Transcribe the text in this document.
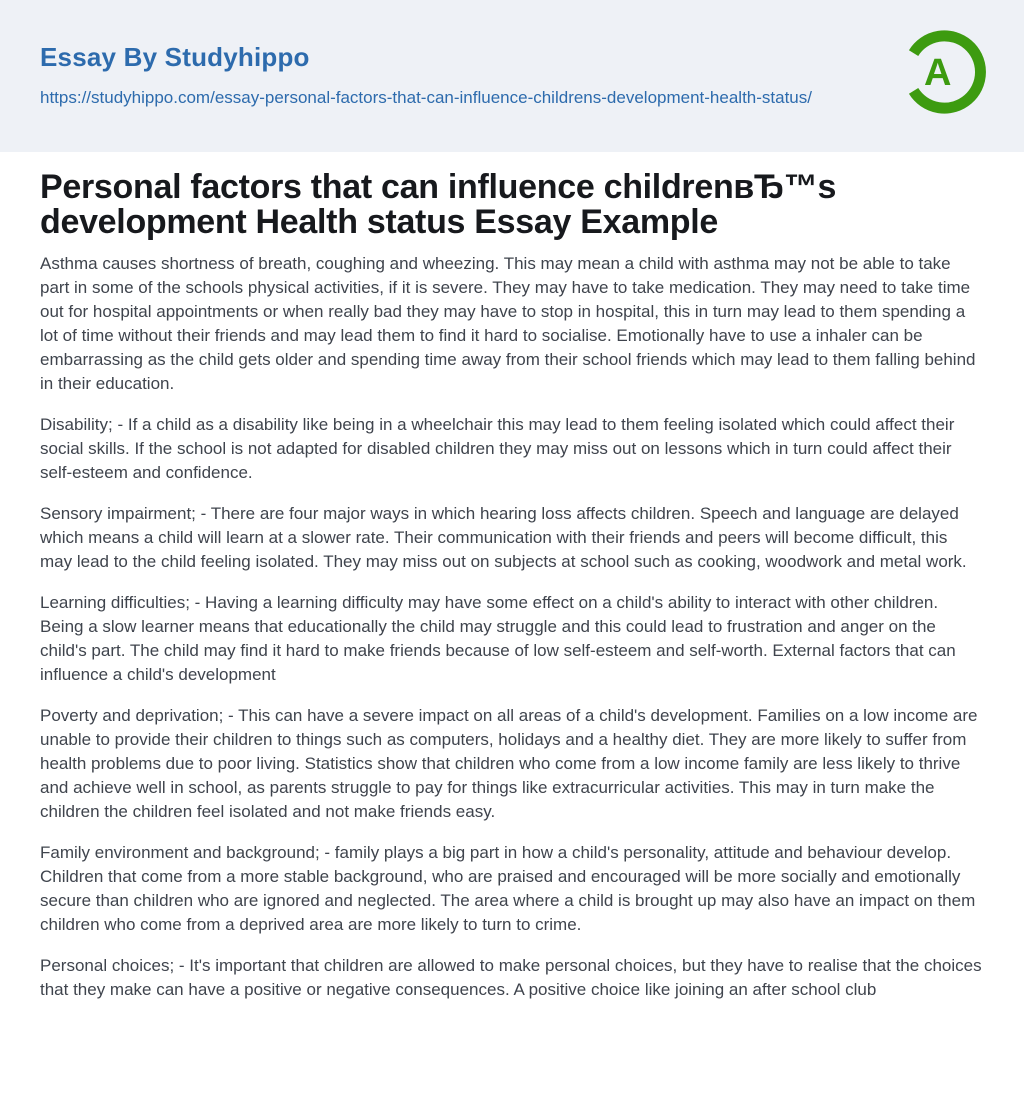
Essay By Studyhippo
https://studyhippo.com/essay-personal-factors-that-can-influence-childrens-development-health-status/
A
Personal factors that can influence childrenвЂ™s
development Health status Essay Example

Asthma causes shortness of breath, coughing and wheezing. This may mean a child with asthma may not be able to take part in some of the schools physical activities, if it is severe. They may have to take medication. They may need to take time out for hospital appointments or when really bad they may have to stop in hospital, this in turn may lead to them spending a lot of time without their friends and may lead them to find it hard to socialise. Emotionally have to use a inhaler can be embarrassing as the child gets older and spending time away from their school friends which may lead to them falling behind in their education.

Disability; - If a child as a disability like being in a wheelchair this may lead to them feeling isolated which could affect their social skills. If the school is not adapted for disabled children they may miss out on lessons which in turn could affect their self-esteem and confidence.

Sensory impairment; - There are four major ways in which hearing loss affects children. Speech and language are delayed which means a child will learn at a slower rate. Their communication with their friends and peers will become difficult, this may lead to the child feeling isolated. They may miss out on subjects at school such as cooking, woodwork and metal work.

Learning difficulties; - Having a learning difficulty may have some effect on a child's ability to interact with other children. Being a slow learner means that educationally the child may struggle and this could lead to frustration and anger on the child's part. The child may find it hard to make friends because of low self-esteem and self-worth. External factors that can influence a child's development

Poverty and deprivation; - This can have a severe impact on all areas of a child's development. Families on a low income are unable to provide their children to things such as computers, holidays and a healthy diet. They are more likely to suffer from health problems due to poor living. Statistics show that children who come from a low income family are less likely to thrive and achieve well in school, as parents struggle to pay for things like extracurricular activities. This may in turn make the children the children feel isolated and not make friends easy.

Family environment and background; - family plays a big part in how a child's personality, attitude and behaviour develop. Children that come from a more stable background, who are praised and encouraged will be more socially and emotionally secure than children who are ignored and neglected. The area where a child is brought up may also have an impact on them children who come from a deprived area are more likely to turn to crime.

Personal choices; - It's important that children are allowed to make personal choices, but they have to realise that the choices that they make can have a positive or negative consequences. A positive choice like joining an after school club
